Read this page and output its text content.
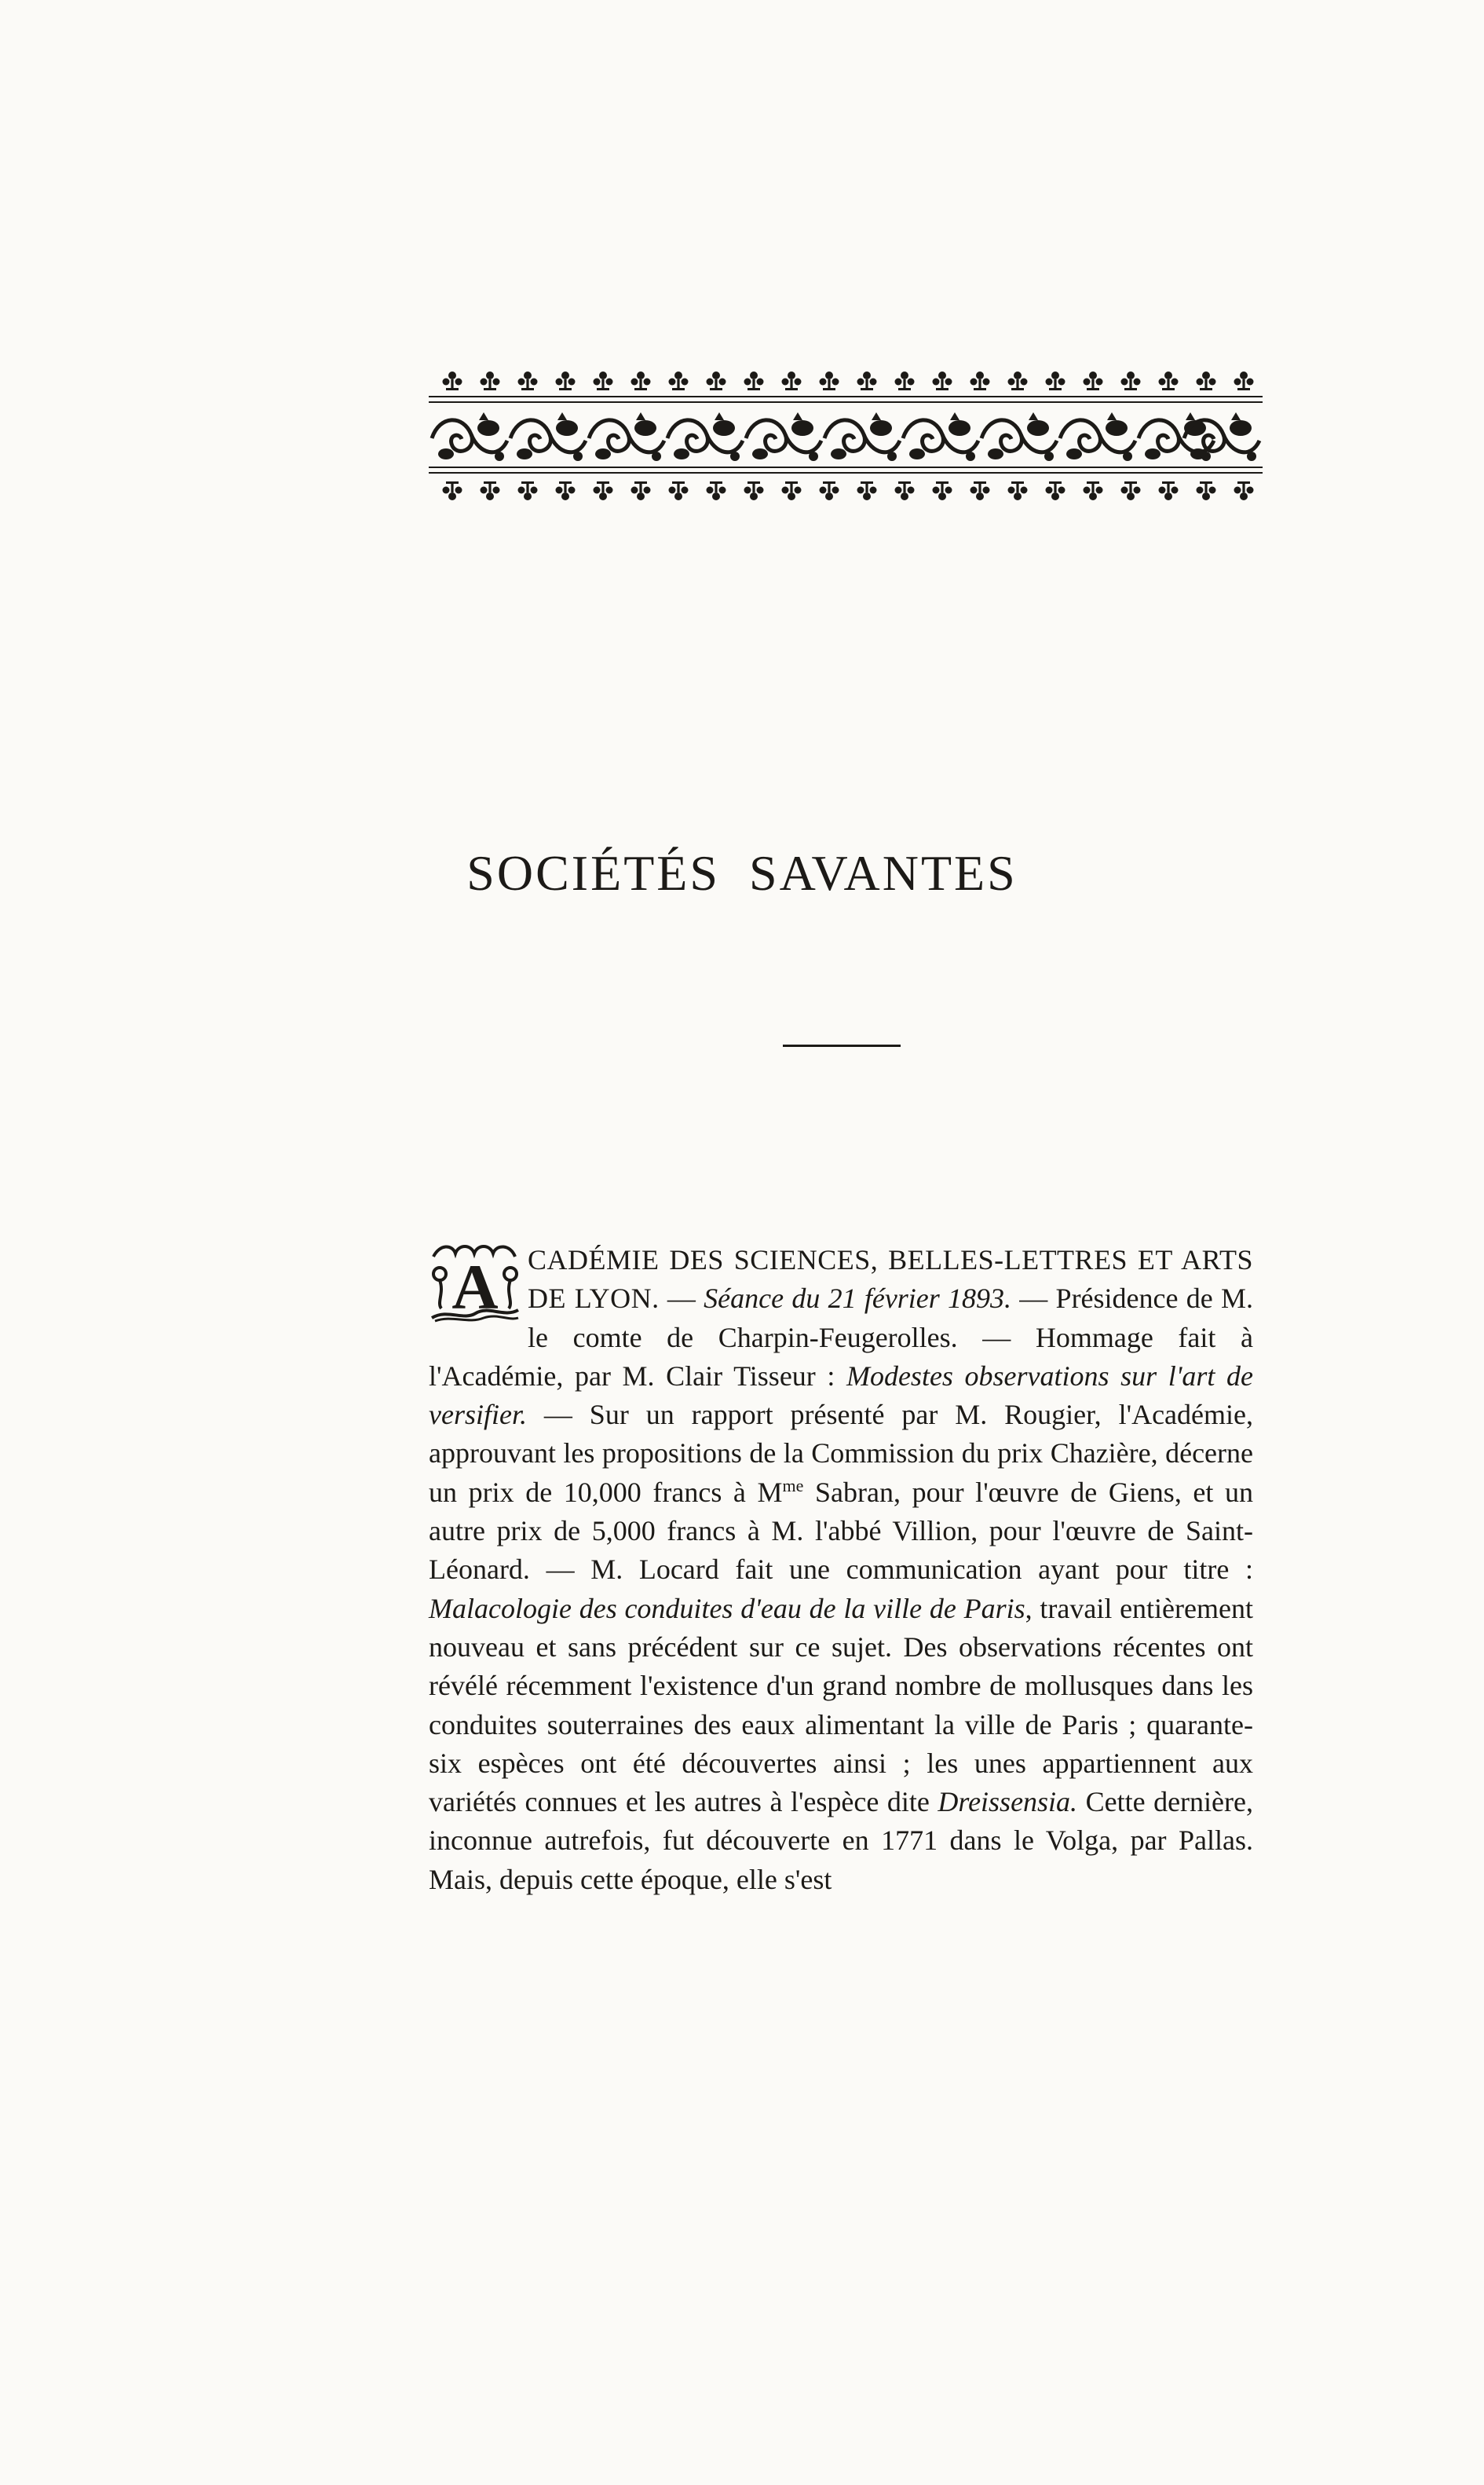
SOCIÉTÉS SAVANTES

A CADÉMIE DES SCIENCES, BELLES-LETTRES ET ARTS DE LYON. — Séance du 21 février 1893. — Présidence de M. le comte de Charpin-Feugerolles. — Hommage fait à l'Académie, par M. Clair Tisseur : Modestes observations sur l'art de versifier. — Sur un rapport présenté par M. Rougier, l'Académie, approuvant les propositions de la Commission du prix Chazière, décerne un prix de 10,000 francs à $M^{me}$ Sabran, pour l'œuvre de Giens, et un autre prix de 5,000 francs à M. l'abbé Villion, pour l'œuvre de Saint-Léonard. — M. Locard fait une communication ayant pour titre : Malacologie des conduites d'eau de la ville de Paris, travail entièrement nouveau et sans précédent sur ce sujet. Des observations récentes ont révélé récemment l'existence d'un grand nombre de mollusques dans les conduites souterraines des eaux alimentant la ville de Paris ; quarante-six espèces ont été découvertes ainsi ; les unes appartiennent aux variétés connues et les autres à l'espèce dite Dreissensia. Cette dernière, inconnue autrefois, fut découverte en 1771 dans le Volga, par Pallas. Mais, depuis cette époque, elle s'est
